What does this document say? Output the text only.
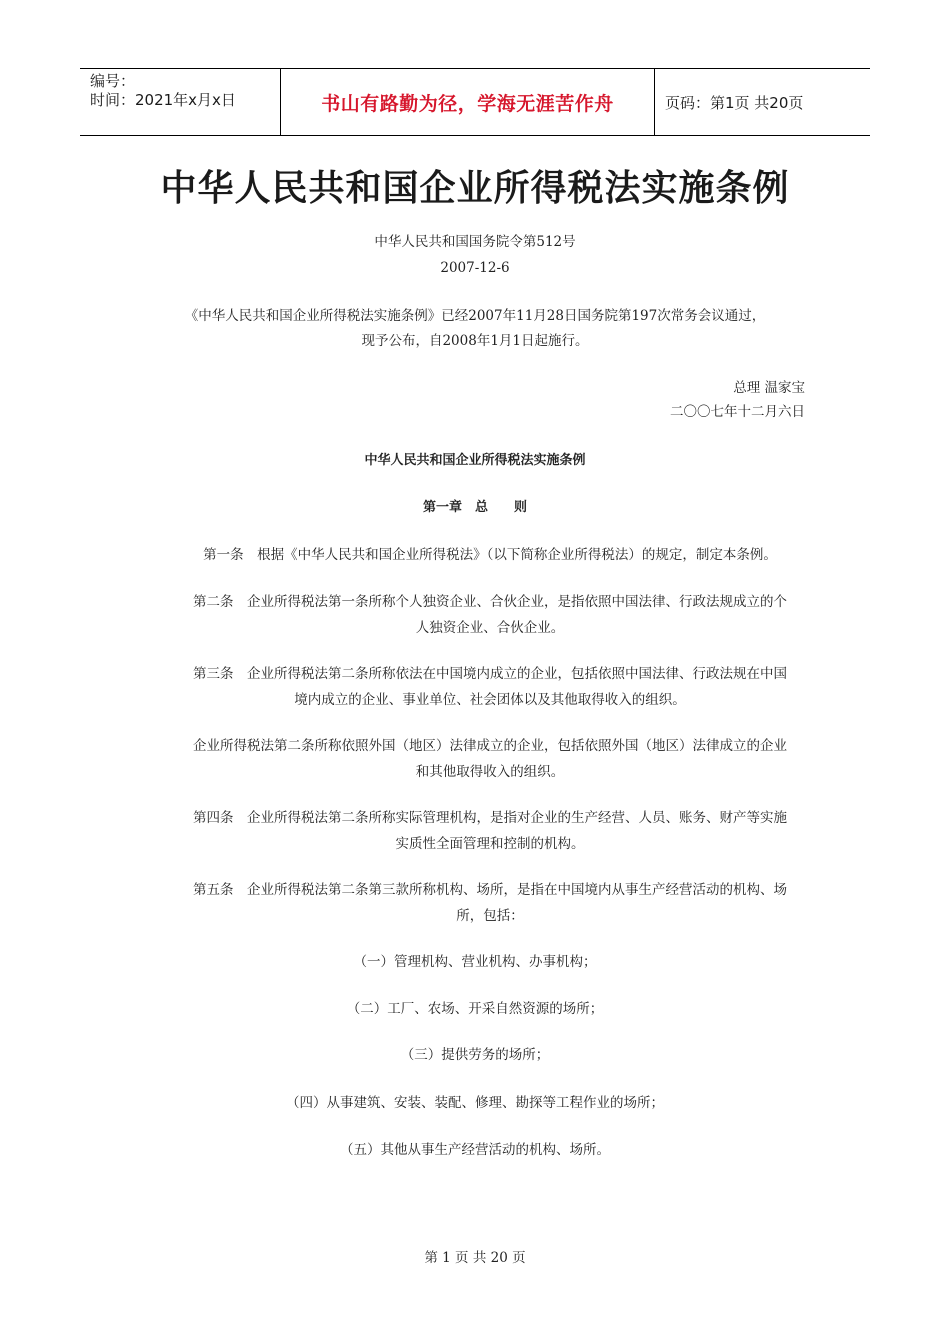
编号：
时间：2021年x月x日	书山有路勤为径，学海无涯苦作舟	页码：第1页 共20页
中华人民共和国企业所得税法实施条例
中华人民共和国国务院令第512号
2007-12-6
《中华人民共和国企业所得税法实施条例》已经2007年11月28日国务院第197次常务会议通过，
现予公布，自2008年1月1日起施行。
总理 温家宝
二〇〇七年十二月六日
中华人民共和国企业所得税法实施条例
第一章　总　　则
第一条　根据《中华人民共和国企业所得税法》（以下简称企业所得税法）的规定，制定本条例。
第二条　企业所得税法第一条所称个人独资企业、合伙企业，是指依照中国法律、行政法规成立的个
人独资企业、合伙企业。
第三条　企业所得税法第二条所称依法在中国境内成立的企业，包括依照中国法律、行政法规在中国
境内成立的企业、事业单位、社会团体以及其他取得收入的组织。
企业所得税法第二条所称依照外国（地区）法律成立的企业，包括依照外国（地区）法律成立的企业
和其他取得收入的组织。
第四条　企业所得税法第二条所称实际管理机构，是指对企业的生产经营、人员、账务、财产等实施
实质性全面管理和控制的机构。
第五条　企业所得税法第二条第三款所称机构、场所，是指在中国境内从事生产经营活动的机构、场
所，包括：
（一）管理机构、营业机构、办事机构；
（二）工厂、农场、开采自然资源的场所；
（三）提供劳务的场所；
（四）从事建筑、安装、装配、修理、勘探等工程作业的场所；
（五）其他从事生产经营活动的机构、场所。
第 1 页 共 20 页
